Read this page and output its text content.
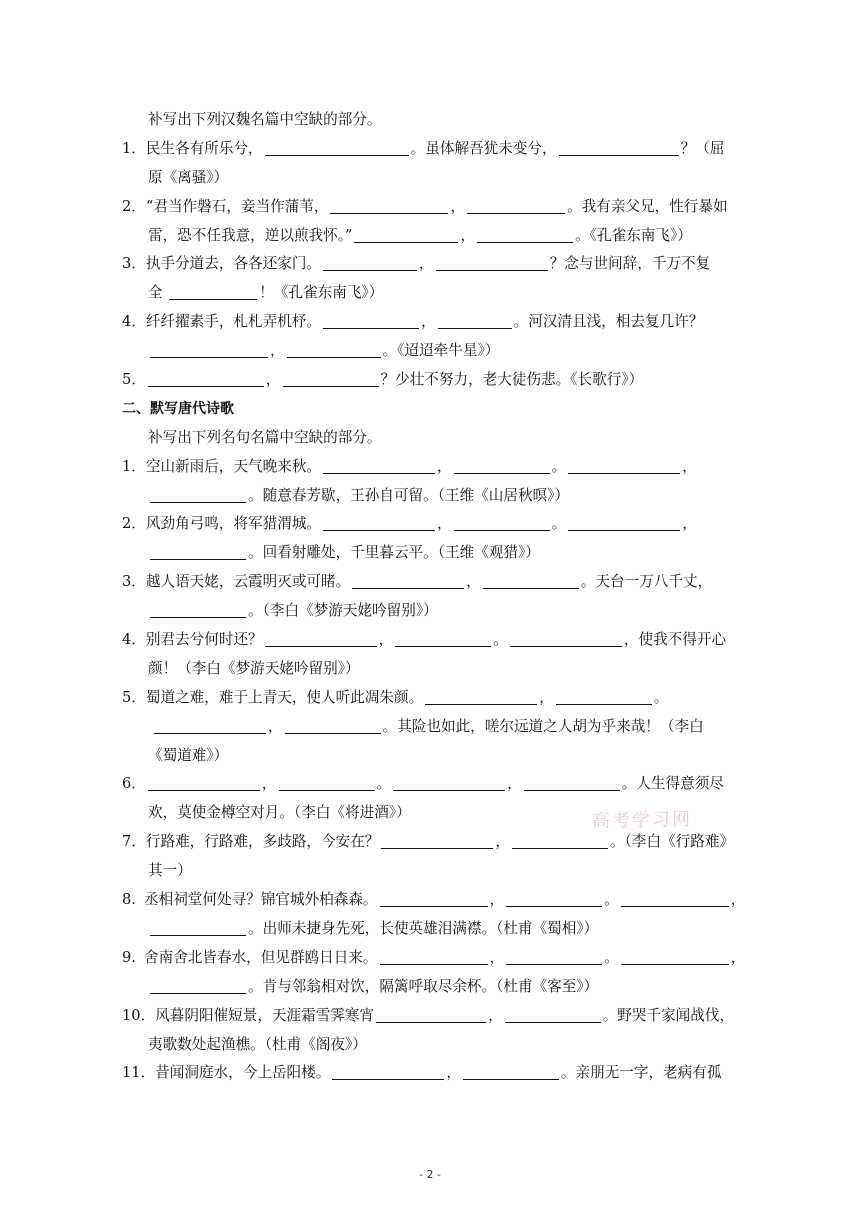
补写出下列汉魏名篇中空缺的部分。
1．民生各有所乐兮，	。虽体解吾犹未变兮，	？（屈
原《离骚》）
2．“君当作磐石，妾当作蒲苇，	，	。我有亲父兄，性行暴如
雷，恐不任我意，逆以煎我怀。”	，	。《孔雀东南飞》）
3．执手分道去，各各还家门。	，	？念与世间辞，千万不复
全	！《孔雀东南飞》）
4．纤纤擢素手，札札弄机杼。	，	。河汉清且浅，相去复几许？
，	。《迢迢牵牛星》）
5．	，	？少壮不努力，老大徒伤悲。《长歌行》）
二、默写唐代诗歌
补写出下列名句名篇中空缺的部分。
1．空山新雨后，天气晚来秋。	，	。	，
。随意春芳歇，王孙自可留。（王维《山居秋暝》）
2．风劲角弓鸣，将军猎渭城。	，	。	，
。回看射雕处，千里暮云平。（王维《观猎》）
3．越人语天姥，云霞明灭或可睹。	，	。天台一万八千丈，
。（李白《梦游天姥吟留别》）
4．别君去兮何时还？	，	。	，使我不得开心
颜！（李白《梦游天姥吟留别》）
5．蜀道之难，难于上青天，使人听此凋朱颜。	，	。
，	。其险也如此，嗟尔远道之人胡为乎来哉！（李白
《蜀道难》）
6．	，	。	，	。人生得意须尽
欢，莫使金樽空对月。（李白《将进酒》）
7．行路难，行路难，多歧路，今安在？	，	。（李白《行路难》
其一）
8. 丞相祠堂何处寻？锦官城外柏森森。	，	。	，
。出师未捷身先死，长使英雄泪满襟。（杜甫《蜀相》）
9. 舍南舍北皆春水，但见群鸥日日来。	，	。	，
。肯与邻翁相对饮，隔篱呼取尽余杯。（杜甫《客至》）
10．风暮阴阳催短景，天涯霜雪霁寒宵	，	。野哭千家闻战伐，
夷歌数处起渔樵。（杜甫《阁夜》）
11．昔闻洞庭水，今上岳阳楼。	，	。亲朋无一字，老病有孤
高考学习网
- 2 -
